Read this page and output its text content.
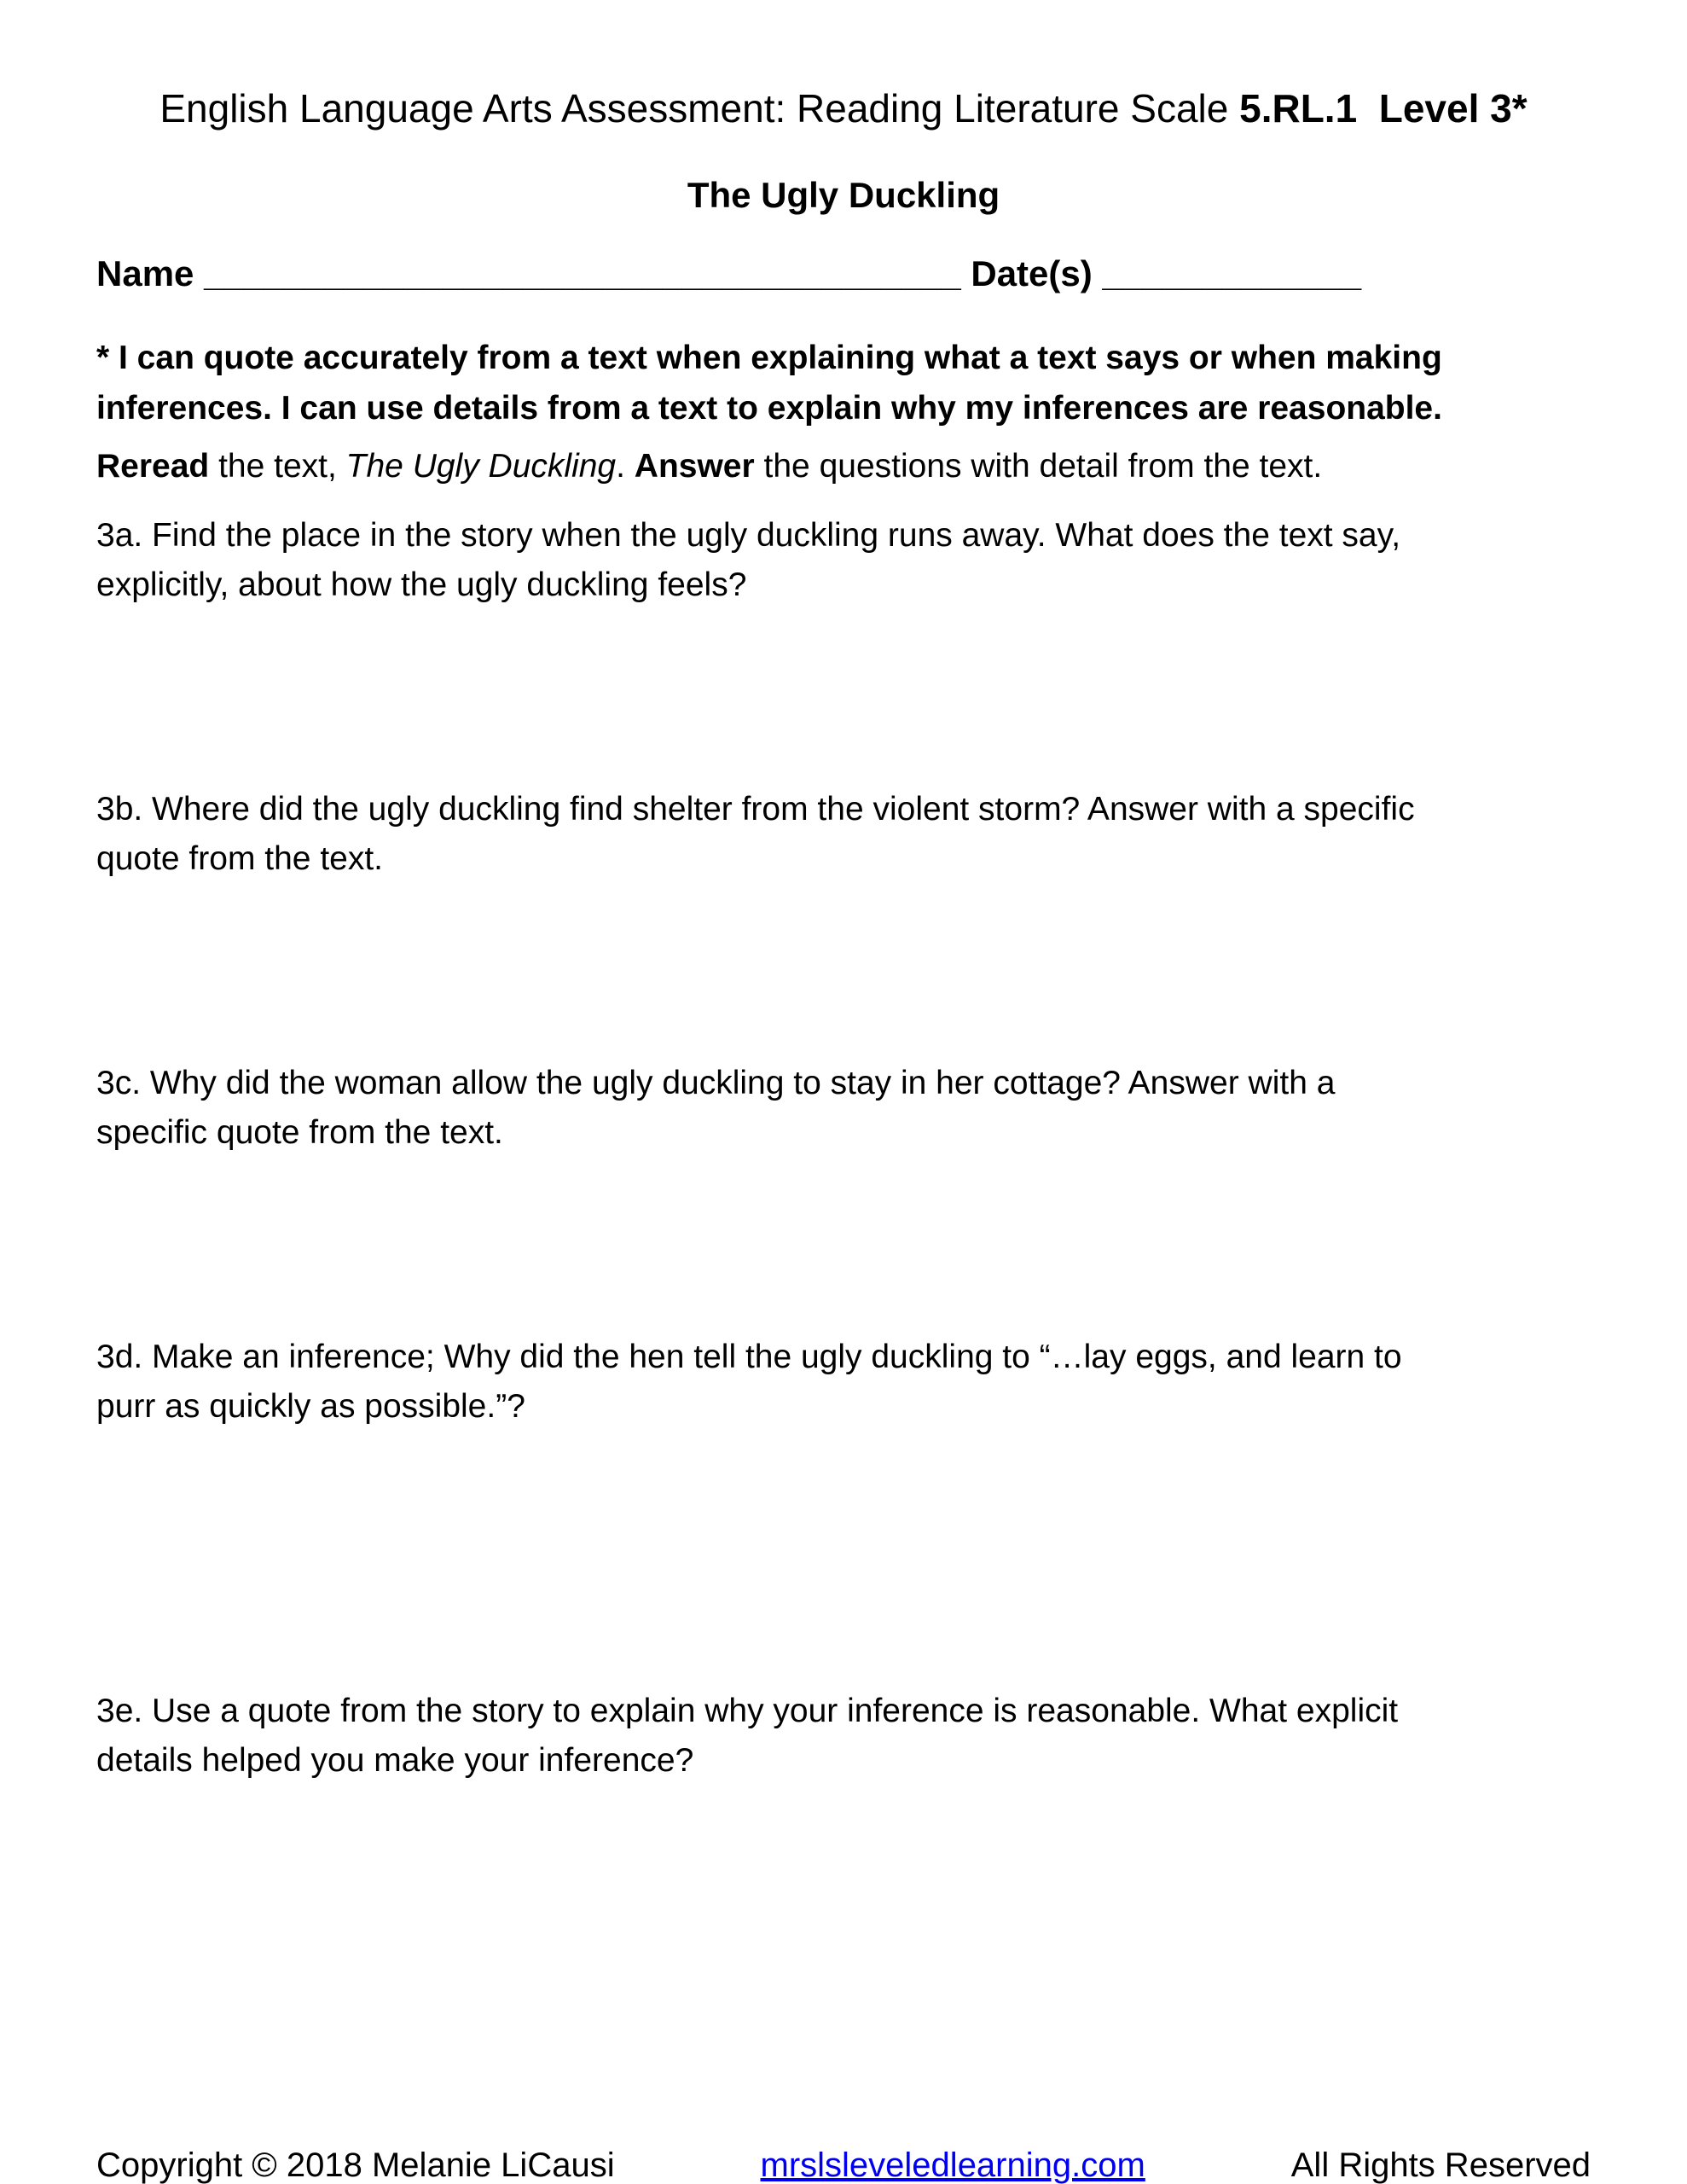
English Language Arts Assessment: Reading Literature Scale 5.RL.1  Level 3*
The Ugly Duckling
Name ______________________________________ Date(s) _____________
* I can quote accurately from a text when explaining what a text says or when making
inferences. I can use details from a text to explain why my inferences are reasonable.
Reread the text, The Ugly Duckling. Answer the questions with detail from the text.
3a. Find the place in the story when the ugly duckling runs away. What does the text say,
explicitly, about how the ugly duckling feels?
3b. Where did the ugly duckling find shelter from the violent storm? Answer with a specific
quote from the text.
3c. Why did the woman allow the ugly duckling to stay in her cottage? Answer with a
specific quote from the text.
3d. Make an inference; Why did the hen tell the ugly duckling to “…lay eggs, and learn to
purr as quickly as possible.”?
3e. Use a quote from the story to explain why your inference is reasonable. What explicit
details helped you make your inference?
Copyright © 2018 Melanie LiCausi	mrslsleveledlearning.com	All Rights Reserved
